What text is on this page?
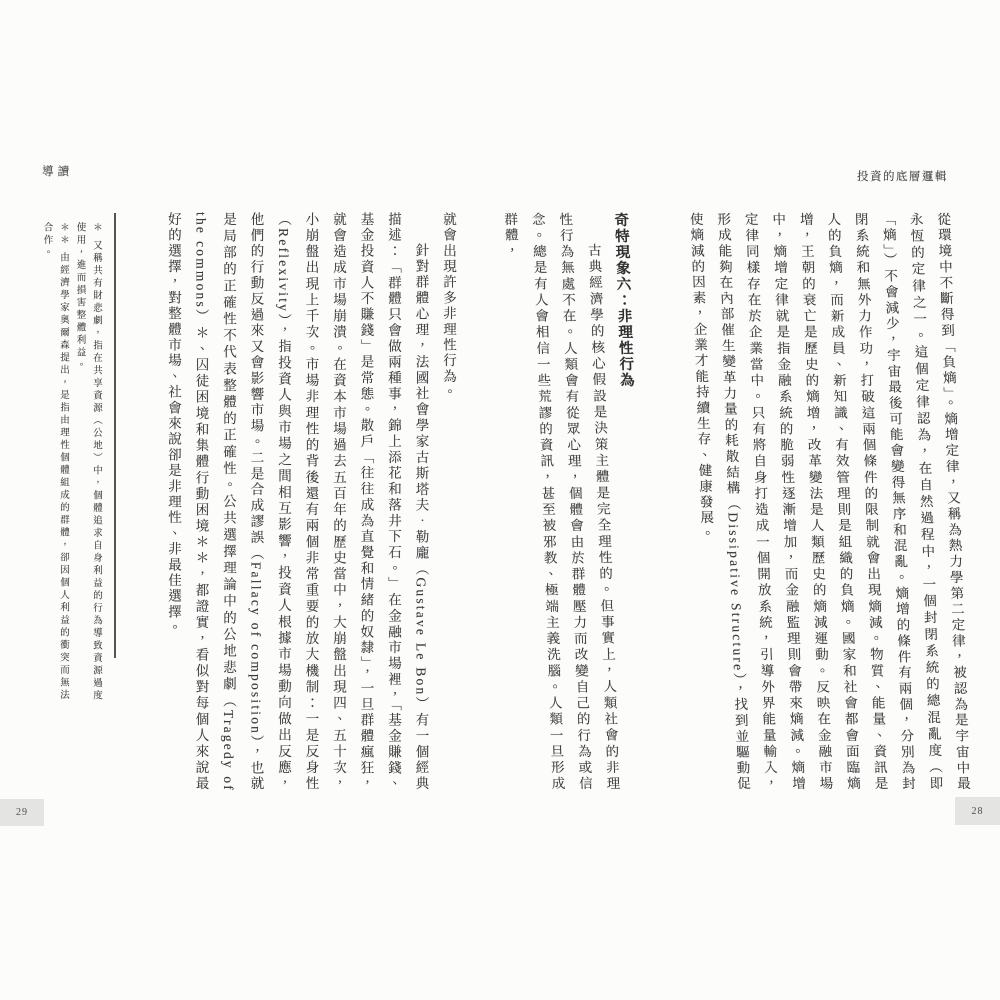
導讀

就會出現許多非理性行為。

針對群體心理，法國社會學家古斯塔夫．勒龐（Gustave Le Bon）有一個經典描述：「群體只會做兩種事，錦上添花和落井下石。」在金融市場裡，「基金賺錢、基金投資人不賺錢」是常態。散戶「往往成為直覺和情緒的奴隸」，一旦群體瘋狂，就會造成市場崩潰。在資本市場過去五百年的歷史當中，大崩盤出現四、五十次，小崩盤出現上千次。市場非理性的背後還有兩個非常重要的放大機制：一是反身性（Reflexivity），指投資人與市場之間相互影響，投資人根據市場動向做出反應，他們的行動反過來又會影響市場。二是合成謬誤（Fallacy of composition），也就是局部的正確性不代表整體的正確性。公共選擇理論中的公地悲劇（Tragedy of the commons）＊、囚徒困境和集體行動困境＊＊，都證實，看似對每個人來說最好的選擇，對整體市場、社會來說卻是非理性、非最佳選擇。

＊又稱共有財悲劇，指在共享資源（公地）中，個體追求自身利益的行為導致資源過度使用，進而損害整體利益。

＊＊由經濟學家奧爾森提出，是指由理性個體組成的群體，卻因個人利益的衝突而無法合作。

29
投資的底層邏輯

從環境中不斷得到「負熵」。熵增定律，又稱為熱力學第二定律，被認為是宇宙中最永恆的定律之一。這個定律認為，在自然過程中，一個封閉系統的總混亂度（即「熵」）不會減少，宇宙最後可能會變得無序和混亂。熵增的條件有兩個，分別為封閉系統和無外力作功，打破這兩個條件的限制就會出現熵減。物質、能量、資訊是人的負熵，而新成員、新知識、有效管理則是組織的負熵。國家和社會都會面臨熵增，王朝的衰亡是歷史的熵增，改革變法是人類歷史的熵減運動。反映在金融市場中，熵增定律就是指金融系統的脆弱性逐漸增加，而金融監理則會帶來熵減。熵增定律同樣存在於企業當中。只有將自身打造成一個開放系統，引導外界能量輸入，形成能夠在內部催生變革力量的耗散結構（Dissipative Structure），找到並驅動促使熵減的因素，企業才能持續生存、健康發展。

奇特現象六：非理性行為

古典經濟學的核心假設是決策主體是完全理性的。但事實上，人類社會的非理性行為無處不在。人類會有從眾心理，個體會由於群體壓力而改變自己的行為或信念。總是有人會相信一些荒謬的資訊，甚至被邪教、極端主義洗腦。人類一旦形成群體，

28
